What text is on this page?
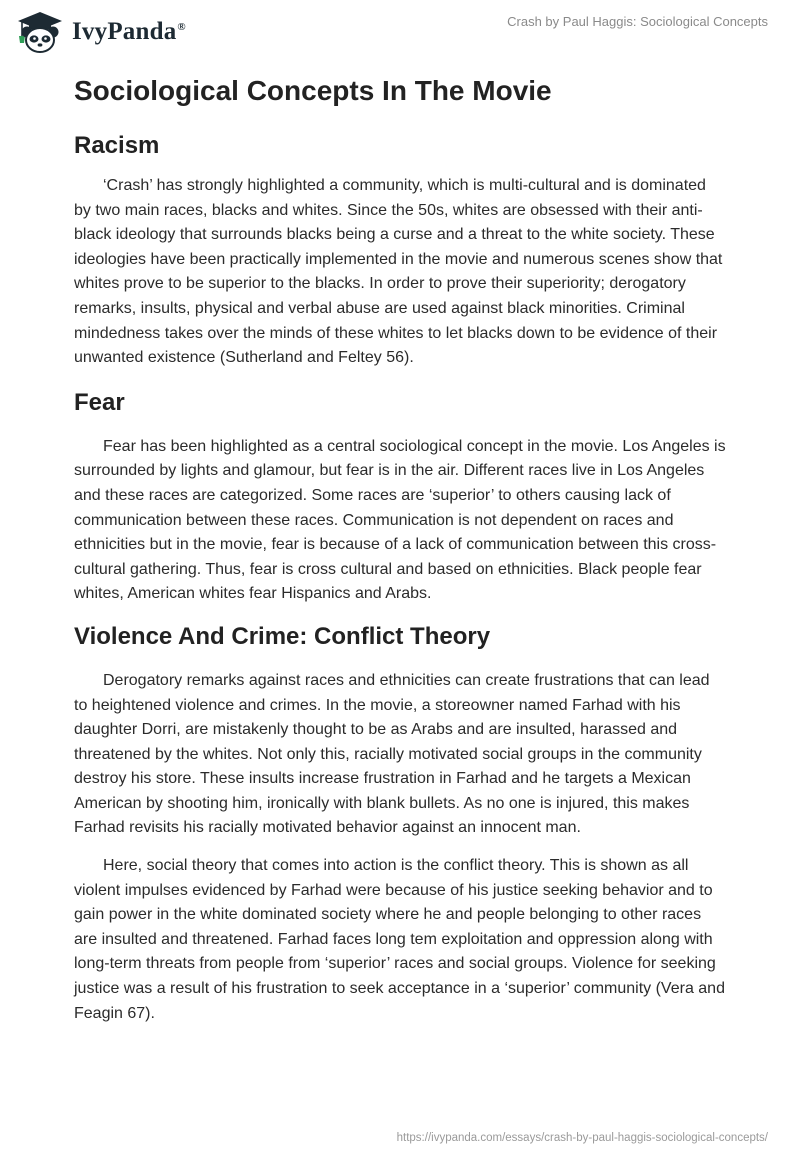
IvyPanda®	Crash by Paul Haggis: Sociological Concepts
Sociological Concepts In The Movie
Racism

‘Crash’ has strongly highlighted a community, which is multi-cultural and is dominated by two main races, blacks and whites. Since the 50s, whites are obsessed with their anti-black ideology that surrounds blacks being a curse and a threat to the white society. These ideologies have been practically implemented in the movie and numerous scenes show that whites prove to be superior to the blacks. In order to prove their superiority; derogatory remarks, insults, physical and verbal abuse are used against black minorities. Criminal mindedness takes over the minds of these whites to let blacks down to be evidence of their unwanted existence (Sutherland and Feltey 56).

Fear

Fear has been highlighted as a central sociological concept in the movie. Los Angeles is surrounded by lights and glamour, but fear is in the air. Different races live in Los Angeles and these races are categorized. Some races are ‘superior’ to others causing lack of communication between these races. Communication is not dependent on races and ethnicities but in the movie, fear is because of a lack of communication between this cross-cultural gathering. Thus, fear is cross cultural and based on ethnicities. Black people fear whites, American whites fear Hispanics and Arabs.

Violence And Crime: Conflict Theory

Derogatory remarks against races and ethnicities can create frustrations that can lead to heightened violence and crimes. In the movie, a storeowner named Farhad with his daughter Dorri, are mistakenly thought to be as Arabs and are insulted, harassed and threatened by the whites. Not only this, racially motivated social groups in the community destroy his store. These insults increase frustration in Farhad and he targets a Mexican American by shooting him, ironically with blank bullets. As no one is injured, this makes Farhad revisits his racially motivated behavior against an innocent man.

Here, social theory that comes into action is the conflict theory. This is shown as all violent impulses evidenced by Farhad were because of his justice seeking behavior and to gain power in the white dominated society where he and people belonging to other races are insulted and threatened. Farhad faces long tem exploitation and oppression along with long-term threats from people from ‘superior’ races and social groups. Violence for seeking justice was a result of his frustration to seek acceptance in a ‘superior’ community (Vera and Feagin 67).

https://ivypanda.com/essays/crash-by-paul-haggis-sociological-concepts/
